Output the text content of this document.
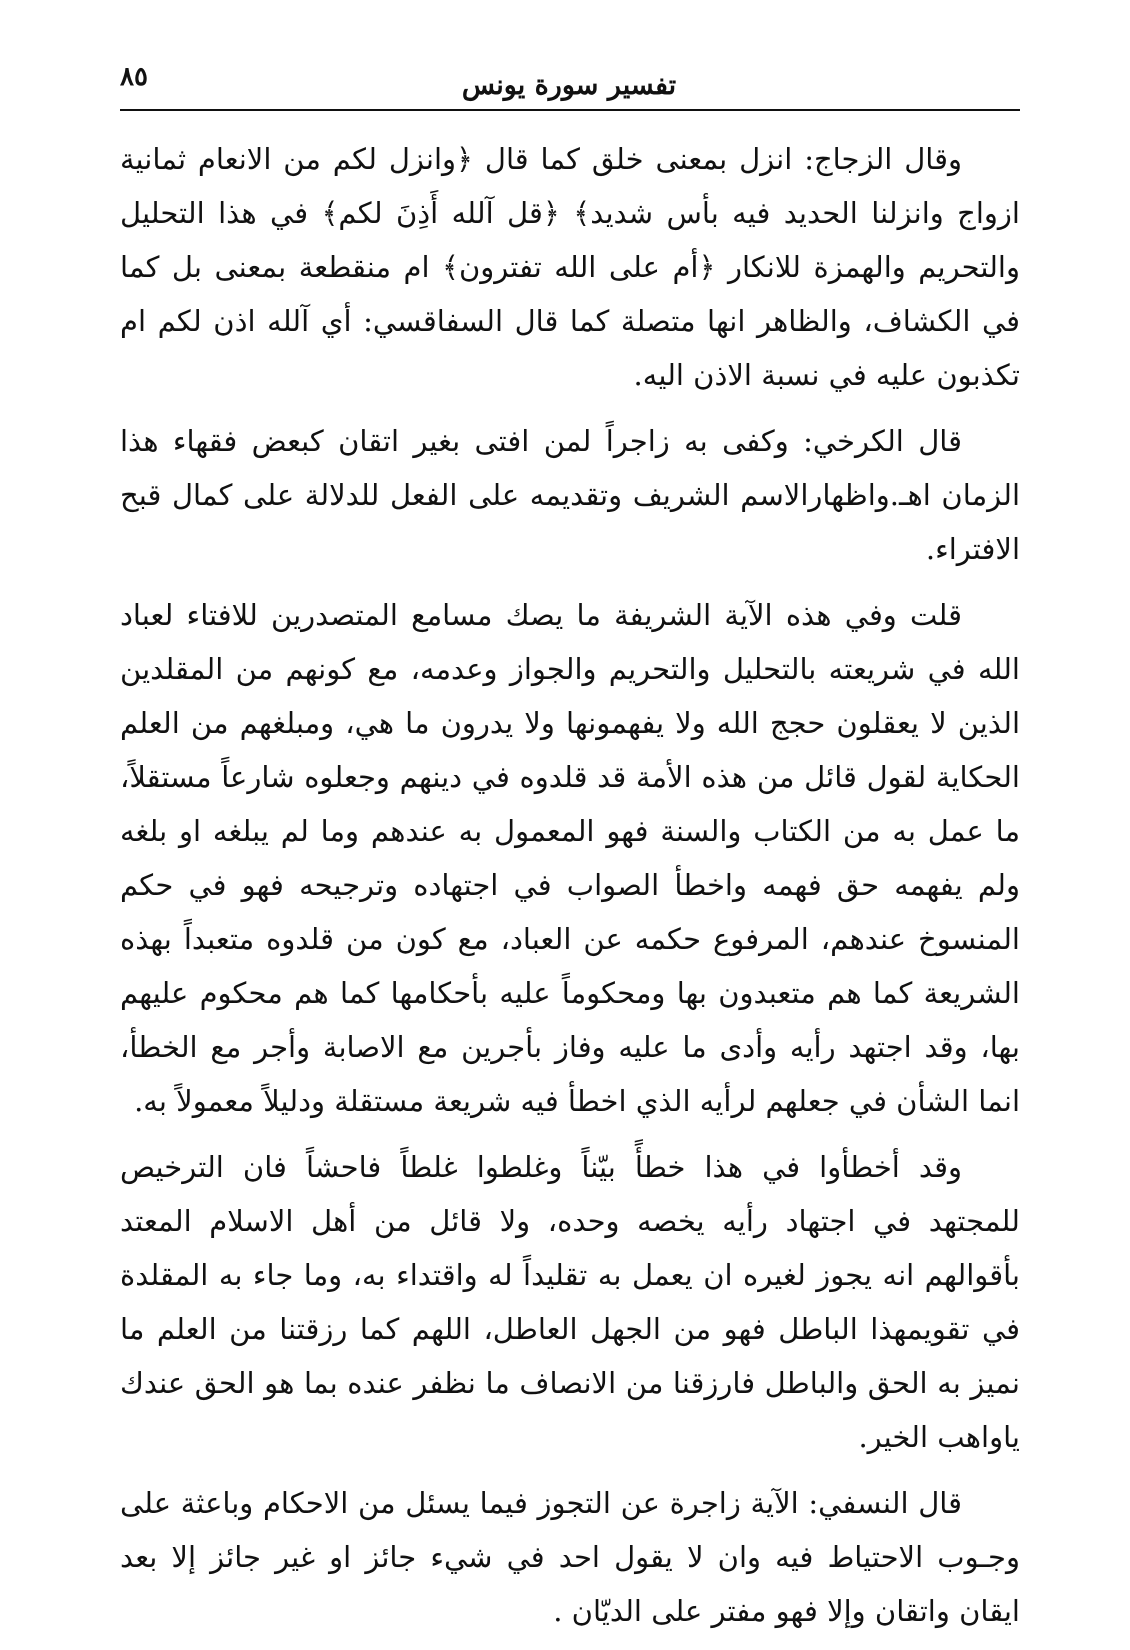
٨٥	تفسير سورة يونس

وقال الزجاج: انزل بمعنى خلق كما قال ﴿وانزل لكم من الانعام ثمانية ازواج وانزلنا الحديد فيه بأس شديد﴾ ﴿قل آلله أَذِنَ لكم﴾ في هذا التحليل والتحريم والهمزة للانكار ﴿أم على الله تفترون﴾ ام منقطعة بمعنى بل كما في الكشاف، والظاهر انها متصلة كما قال السفاقسي: أي آلله اذن لكم ام تكذبون عليه في نسبة الاذن اليه.

قال الكرخي: وكفى به زاجراً لمن افتى بغير اتقان كبعض فقهاء هذا الزمان اهـ.واظهارالاسم الشريف وتقديمه على الفعل للدلالة على كمال قبح الافتراء.

قلت وفي هذه الآية الشريفة ما يصك مسامع المتصدرين للافتاء لعباد الله في شريعته بالتحليل والتحريم والجواز وعدمه، مع كونهم من المقلدين الذين لا يعقلون حجج الله ولا يفهمونها ولا يدرون ما هي، ومبلغهم من العلم الحكاية لقول قائل من هذه الأمة قد قلدوه في دينهم وجعلوه شارعاً مستقلاً، ما عمل به من الكتاب والسنة فهو المعمول به عندهم وما لم يبلغه او بلغه ولم يفهمه حق فهمه واخطأ الصواب في اجتهاده وترجيحه فهو في حكم المنسوخ عندهم، المرفوع حكمه عن العباد، مع كون من قلدوه متعبداً بهذه الشريعة كما هم متعبدون بها ومحكوماً عليه بأحكامها كما هم محكوم عليهم بها، وقد اجتهد رأيه وأدى ما عليه وفاز بأجرين مع الاصابة وأجر مع الخطأ، انما الشأن في جعلهم لرأيه الذي اخطأ فيه شريعة مستقلة ودليلاً معمولاً به.

وقد أخطأوا في هذا خطأً بيّناً وغلطوا غلطاً فاحشاً فان الترخيص للمجتهد في اجتهاد رأيه يخصه وحده، ولا قائل من أهل الاسلام المعتد بأقوالهم انه يجوز لغيره ان يعمل به تقليداً له واقتداء به، وما جاء به المقلدة في تقويمهذا الباطل فهو من الجهل العاطل، اللهم كما رزقتنا من العلم ما نميز به الحق والباطل فارزقنا من الانصاف ما نظفر عنده بما هو الحق عندك ياواهب الخير.

قال النسفي: الآية زاجرة عن التجوز فيما يسئل من الاحكام وباعثة على وجـوب الاحتياط فيه وان لا يقول احد في شيء جائز او غير جائز إلا بعد ايقان واتقان وإلا فهو مفتر على الديّان .
